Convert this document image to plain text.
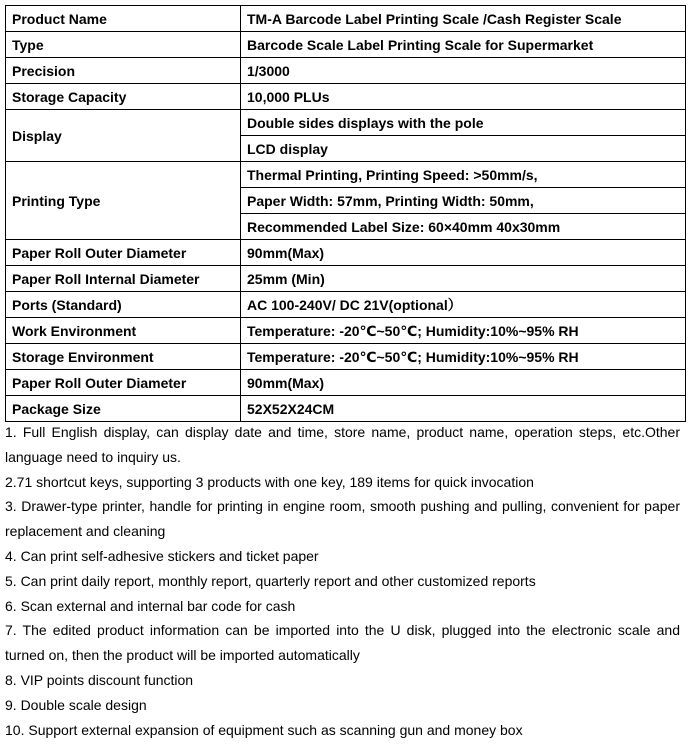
Product Name	TM-A Barcode Label Printing Scale /Cash Register Scale
Type	Barcode Scale Label Printing Scale for Supermarket
Precision	1/3000
Storage Capacity	10,000 PLUs
Display	Double sides displays with the pole
	LCD display
Printing Type	Thermal Printing, Printing Speed: >50mm/s,
	Paper Width: 57mm, Printing Width: 50mm,
	Recommended Label Size: 60×40mm 40x30mm
Paper Roll Outer Diameter	90mm(Max)
Paper Roll Internal Diameter	25mm (Min)
Ports (Standard)	AC 100-240V/ DC 21V(optional）
Work Environment	Temperature: -20℃~50℃; Humidity:10%~95% RH
Storage Environment	Temperature: -20℃~50℃; Humidity:10%~95% RH
Paper Roll Outer Diameter	90mm(Max)
Package Size	52X52X24CM

1. Full English display, can display date and time, store name, product name, operation steps, etc.Other language need to inquiry us.

2.71 shortcut keys, supporting 3 products with one key, 189 items for quick invocation

3. Drawer-type printer, handle for printing in engine room, smooth pushing and pulling, convenient for paper replacement and cleaning

4. Can print self-adhesive stickers and ticket paper

5. Can print daily report, monthly report, quarterly report and other customized reports

6. Scan external and internal bar code for cash

7. The edited product information can be imported into the U disk, plugged into the electronic scale and turned on, then the product will be imported automatically

8. VIP points discount function

9. Double scale design

10. Support external expansion of equipment such as scanning gun and money box
